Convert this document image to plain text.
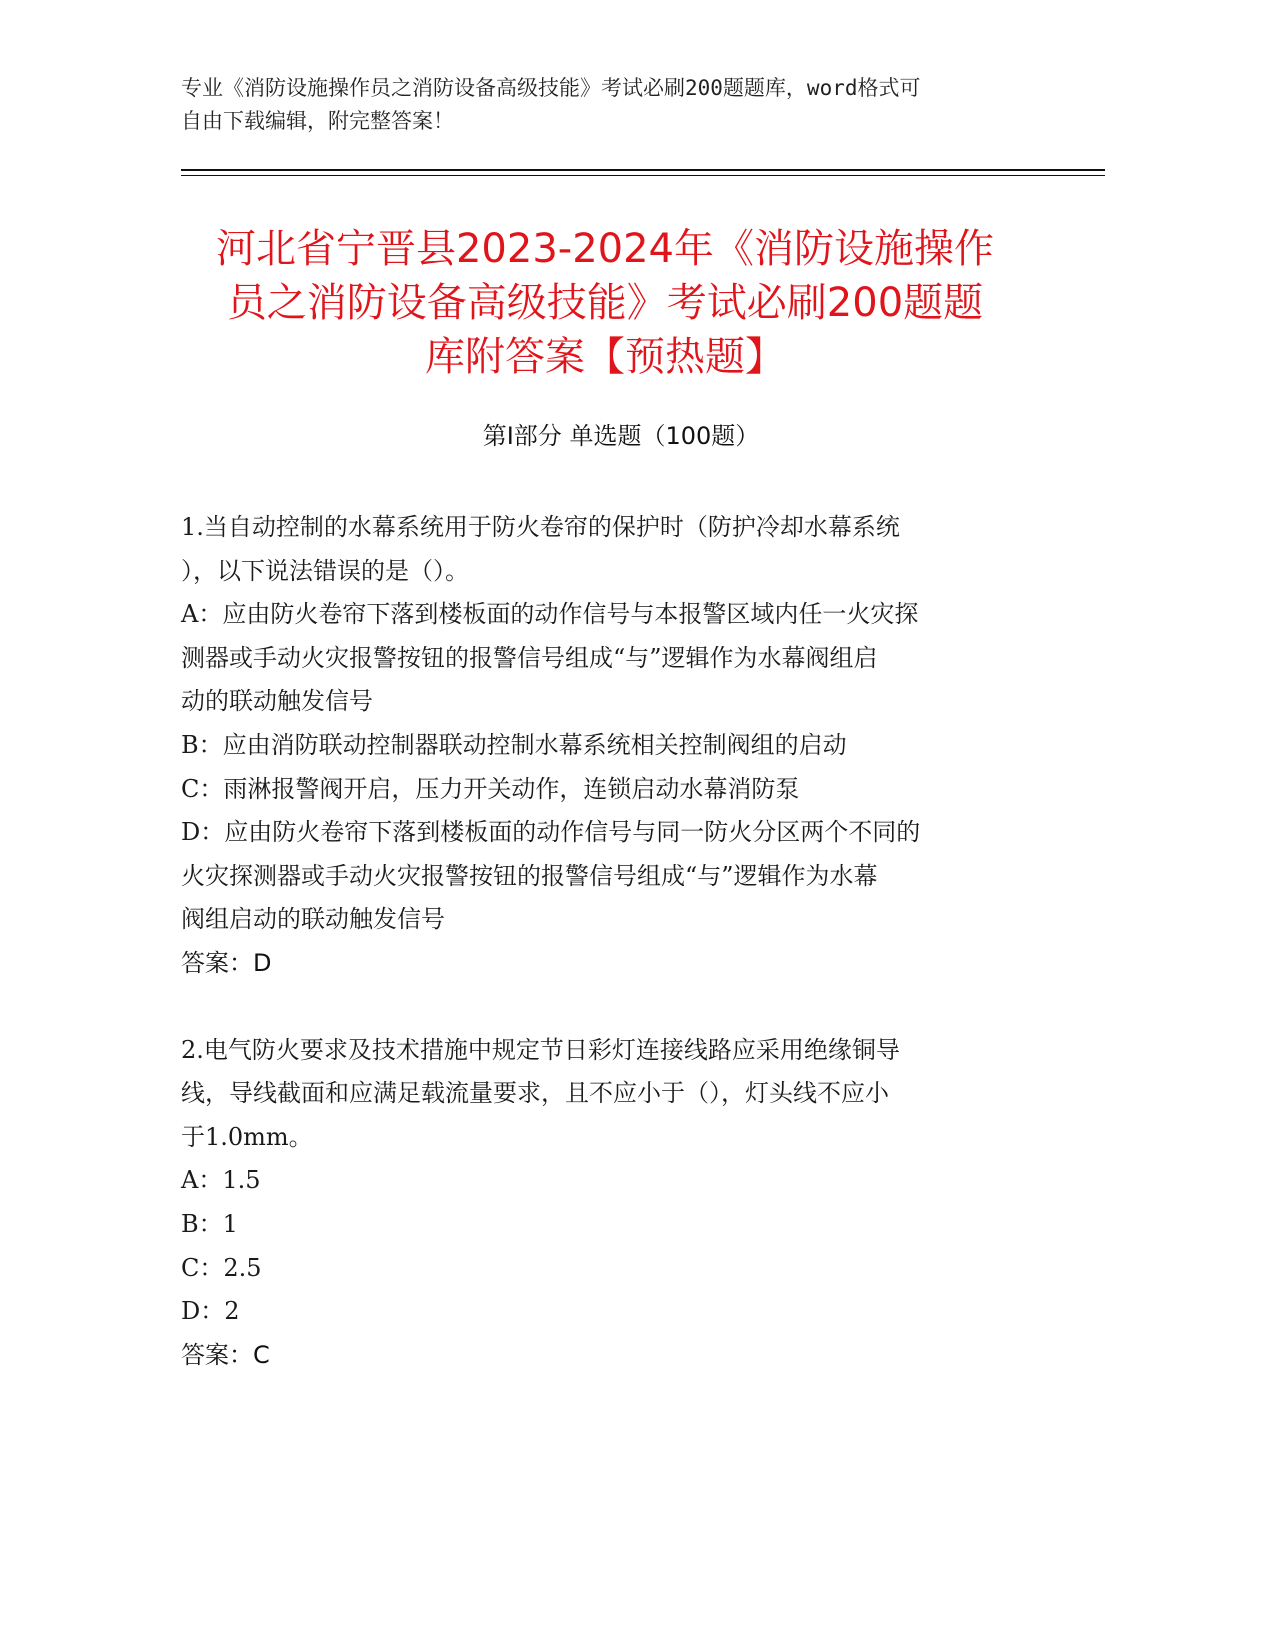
专业《消防设施操作员之消防设备高级技能》考试必刷200题题库，word格式可
自由下载编辑，附完整答案！
河北省宁晋县2023-2024年《消防设施操作
员之消防设备高级技能》考试必刷200题题
库附答案【预热题】
第Ⅰ部分 单选题（100题）
1.当自动控制的水幕系统用于防火卷帘的保护时（防护冷却水幕系统
），以下说法错误的是（）。
A：应由防火卷帘下落到楼板面的动作信号与本报警区域内任一火灾探
测器或手动火灾报警按钮的报警信号组成“与”逻辑作为水幕阀组启
动的联动触发信号
B：应由消防联动控制器联动控制水幕系统相关控制阀组的启动
C：雨淋报警阀开启，压力开关动作，连锁启动水幕消防泵
D：应由防火卷帘下落到楼板面的动作信号与同一防火分区两个不同的
火灾探测器或手动火灾报警按钮的报警信号组成“与”逻辑作为水幕
阀组启动的联动触发信号
答案：D
2.电气防火要求及技术措施中规定节日彩灯连接线路应采用绝缘铜导
线，导线截面和应满足载流量要求，且不应小于（），灯头线不应小
于1.0mm。
A：1.5
B：1
C：2.5
D：2
答案：C
